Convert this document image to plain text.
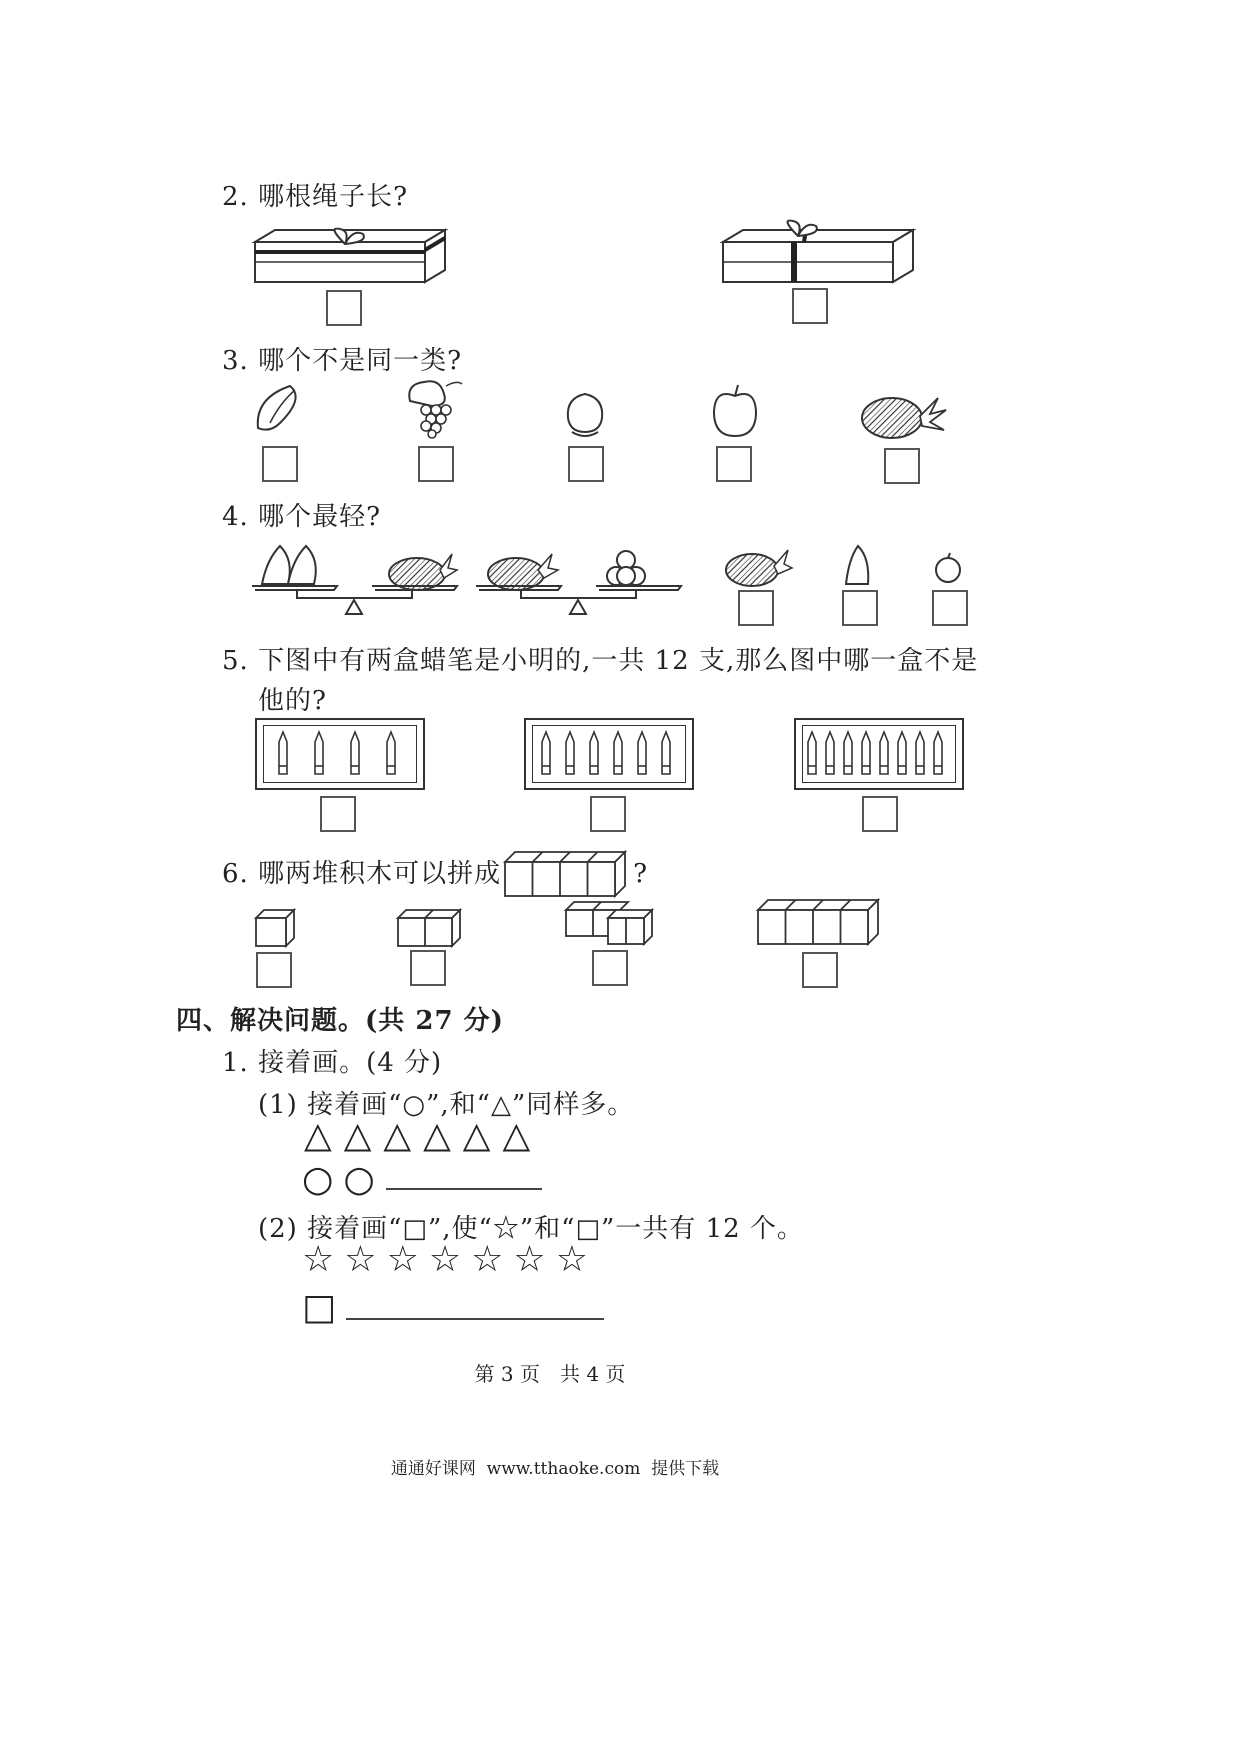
2. 哪根绳子长?
3. 哪个不是同一类?
4. 哪个最轻?
5. 下图中有两盒蜡笔是小明的,一共 12 支,那么图中哪一盒不是
他的?
6. 哪两堆积木可以拼成	?
四、解决问题。(共 27 分)
1. 接着画。(4 分)
(1) 接着画“○”,和“△”同样多。
△ △ △ △ △ △
○ ○
(2) 接着画“□”,使“☆”和“□”一共有 12 个。
☆ ☆ ☆ ☆ ☆ ☆ ☆
□
第 3 页　共 4 页
通通好课网  www.tthaoke.com  提供下载
